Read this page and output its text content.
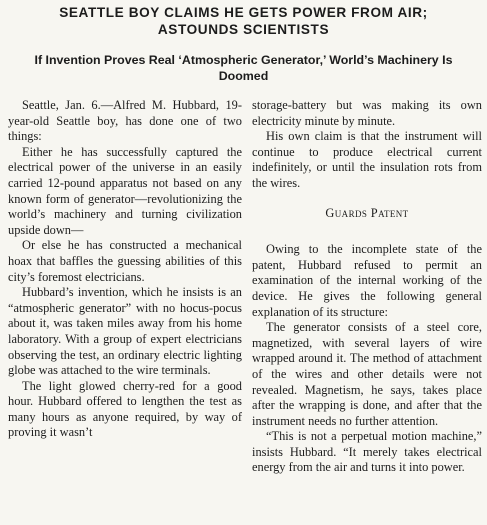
SEATTLE BOY CLAIMS HE GETS POWER FROM AIR;
ASTOUNDS SCIENTISTS
If Invention Proves Real ‘Atmospheric Generator,’ World’s Machinery Is
Doomed

Seattle, Jan. 6.—Alfred M. Hubbard, 19-year-old Seattle boy, has done one of two things:

Either he has successfully captured the electrical power of the universe in an easily carried 12-pound apparatus not based on any known form of generator—revolutionizing the world’s machinery and turning civilization upside down—

Or else he has constructed a mechanical hoax that baffles the guessing abilities of this city’s foremost electricians.

Hubbard’s invention, which he insists is an “atmospheric generator” with no hocus-pocus about it, was taken miles away from his home laboratory. With a group of expert electricians observing the test, an ordinary electric lighting globe was attached to the wire terminals.

The light glowed cherry-red for a good hour. Hubbard offered to lengthen the test as many hours as anyone required, by way of proving it wasn’t

storage-battery but was making its own electricity minute by minute.

His own claim is that the instrument will continue to produce electrical current indefinitely, or until the insulation rots from the wires.

Guards Patent

Owing to the incomplete state of the patent, Hubbard refused to permit an examination of the internal working of the device. He gives the following general explanation of its structure:

The generator consists of a steel core, magnetized, with several layers of wire wrapped around it. The method of attachment of the wires and other details were not revealed. Magnetism, he says, takes place after the wrapping is done, and after that the instrument needs no further attention.

“This is not a perpetual motion machine,” insists Hubbard. “It merely takes electrical energy from the air and turns it into power.
